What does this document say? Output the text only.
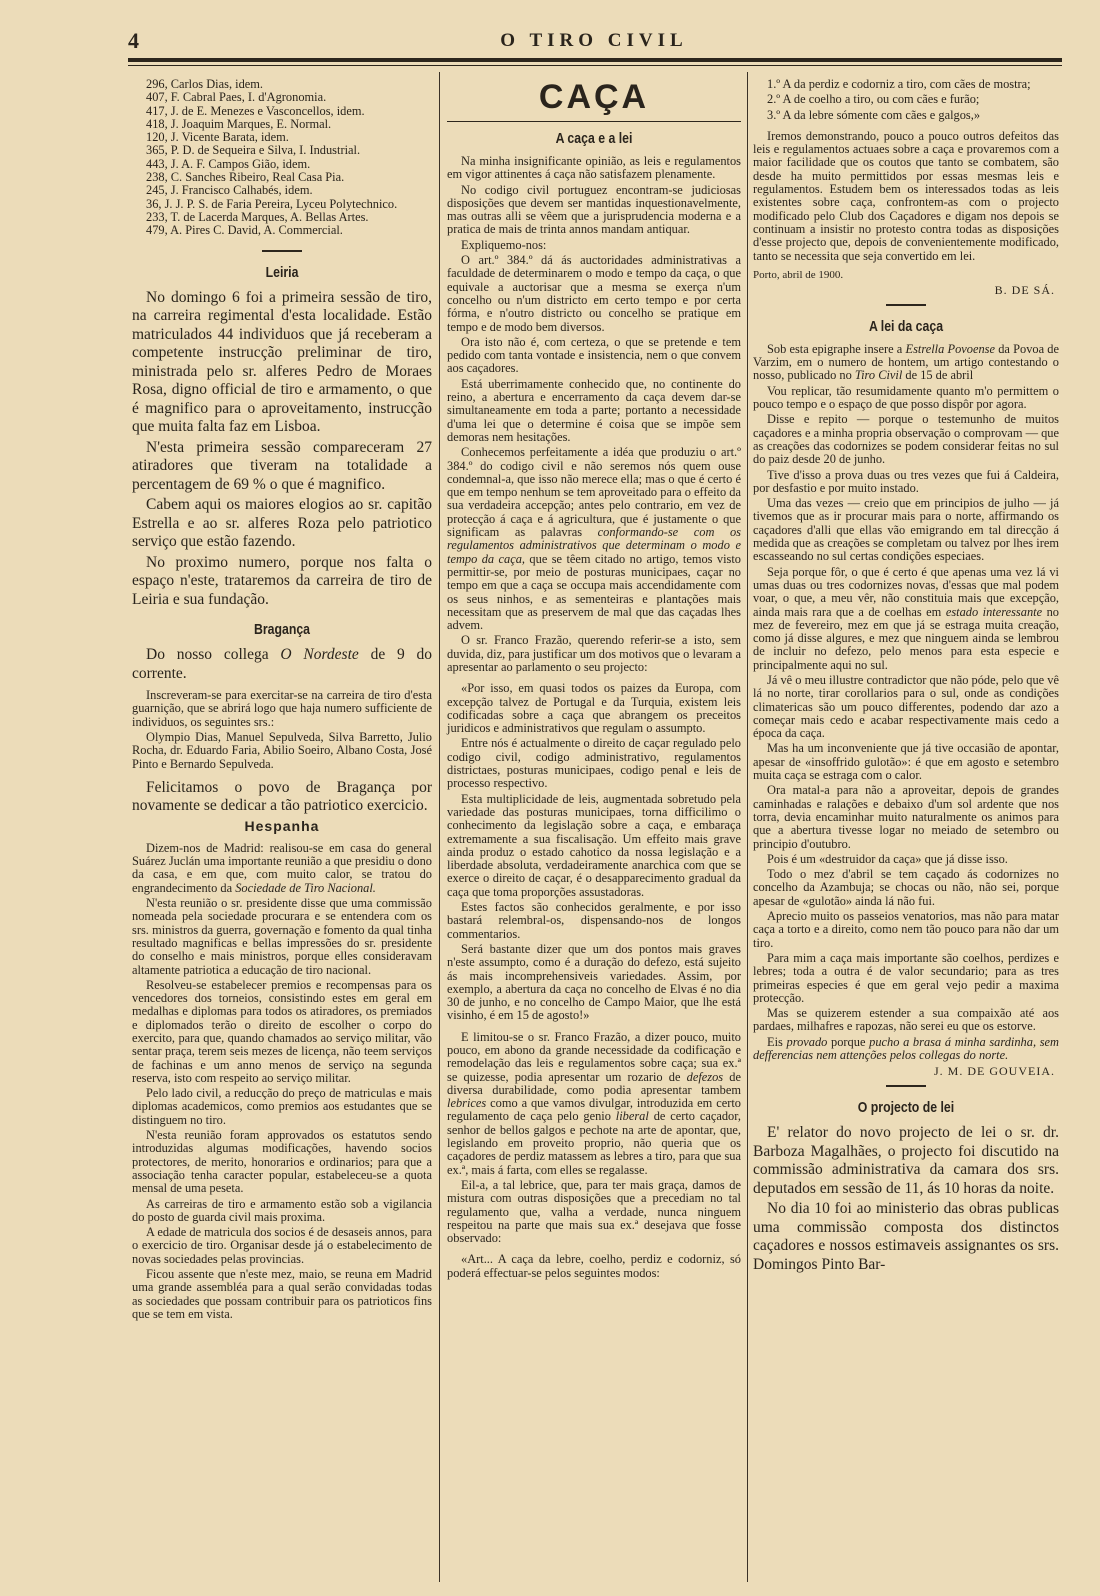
4	O TIRO CIVIL

296, Carlos Dias, idem.

407, F. Cabral Paes, I. d'Agronomia.

417, J. de E. Menezes e Vasconcellos, idem.

418, J. Joaquim Marques, E. Normal.

120, J. Vicente Barata, idem.

365, P. D. de Sequeira e Silva, I. Industrial.

443, J. A. F. Campos Gião, idem.

238, C. Sanches Ribeiro, Real Casa Pia.

245, J. Francisco Calhabés, idem.

36, J. J. P. S. de Faria Pereira, Lyceu Polytechnico.

233, T. de Lacerda Marques, A. Bellas Artes.

479, A. Pires C. David, A. Commercial.

Leiria

No domingo 6 foi a primeira sessão de tiro, na carreira regimental d'esta localidade. Estão matriculados 44 individuos que já receberam a competente instrucção preliminar de tiro, ministrada pelo sr. alferes Pedro de Moraes Rosa, digno official de tiro e armamento, o que é magnifico para o aproveitamento, instrucção que muita falta faz em Lisboa.

N'esta primeira sessão compareceram 27 atiradores que tiveram na totalidade a percentagem de 69 % o que é magnifico.

Cabem aqui os maiores elogios ao sr. capitão Estrella e ao sr. alferes Roza pelo patriotico serviço que estão fazendo.

No proximo numero, porque nos falta o espaço n'este, trataremos da carreira de tiro de Leiria e sua fundação.

Bragança

Do nosso collega O Nordeste de 9 do corrente.

Inscreveram-se para exercitar-se na carreira de tiro d'esta guarnição, que se abrirá logo que haja numero sufficiente de individuos, os seguintes srs.:

Olympio Dias, Manuel Sepulveda, Silva Barretto, Julio Rocha, dr. Eduardo Faria, Abilio Soeiro, Albano Costa, José Pinto e Bernardo Sepulveda.

Felicitamos o povo de Bragança por novamente se dedicar a tão patriotico exercicio.

Hespanha

Dizem-nos de Madrid: realisou-se em casa do general Suárez Juclán uma importante reunião a que presidiu o dono da casa, e em que, com muito calor, se tratou do engrandecimento da Sociedade de Tiro Nacional.

N'esta reunião o sr. presidente disse que uma commissão nomeada pela sociedade procurara e se entendera com os srs. ministros da guerra, governação e fomento da qual tinha resultado magnificas e bellas impressões do sr. presidente do conselho e mais ministros, porque elles consideravam altamente patriotica a educação de tiro nacional.

Resolveu-se estabelecer premios e recompensas para os vencedores dos torneios, consistindo estes em geral em medalhas e diplomas para todos os atiradores, os premiados e diplomados terão o direito de escolher o corpo do exercito, para que, quando chamados ao serviço militar, vão sentar praça, terem seis mezes de licença, não teem serviços de fachinas e um anno menos de serviço na segunda reserva, isto com respeito ao serviço militar.

Pelo lado civil, a reducção do preço de matriculas e mais diplomas academicos, como premios aos estudantes que se distinguem no tiro.

N'esta reunião foram approvados os estatutos sendo introduzidas algumas modificações, havendo socios protectores, de merito, honorarios e ordinarios; para que a associação tenha caracter popular, estabeleceu-se a quota mensal de uma peseta.

As carreiras de tiro e armamento estão sob a vigilancia do posto de guarda civil mais proxima.

A edade de matricula dos socios é de desaseis annos, para o exercicio de tiro. Organisar desde já o estabelecimento de novas sociedades pelas provincias.

Ficou assente que n'este mez, maio, se reuna em Madrid uma grande assembléa para a qual serão convidadas todas as sociedades que possam contribuir para os patrioticos fins que se tem em vista.

CAÇA
A caça e a lei

Na minha insignificante opinião, as leis e regulamentos em vigor attinentes á caça não satisfazem plenamente.

No codigo civil portuguez encontram-se judiciosas disposições que devem ser mantidas inquestionavelmente, mas outras alli se vêem que a jurisprudencia moderna e a pratica de mais de trinta annos mandam antiquar.

Expliquemo-nos:

O art.º 384.º dá ás auctoridades administrativas a faculdade de determinarem o modo e tempo da caça, o que equivale a auctorisar que a mesma se exerça n'um concelho ou n'um districto em certo tempo e por certa fórma, e n'outro districto ou concelho se pratique em tempo e de modo bem diversos.

Ora isto não é, com certeza, o que se pretende e tem pedido com tanta vontade e insistencia, nem o que convem aos caçadores.

Está uberrimamente conhecido que, no continente do reino, a abertura e encerramento da caça devem dar-se simultaneamente em toda a parte; portanto a necessidade d'uma lei que o determine é coisa que se impõe sem demoras nem hesitações.

Conhecemos perfeitamente a idéa que produziu o art.º 384.º do codigo civil e não seremos nós quem ouse condemnal-a, que isso não merece ella; mas o que é certo é que em tempo nenhum se tem aproveitado para o effeito da sua verdadeira accepção; antes pelo contrario, em vez de protecção á caça e á agricultura, que é justamente o que significam as palavras conformando-se com os regulamentos administrativos que determinam o modo e tempo da caça, que se têem citado no artigo, temos visto permittir-se, por meio de posturas municipaes, caçar no tempo em que a caça se occupa mais accendidamente com os seus ninhos, e as sementeiras e plantações mais necessitam que as preservem de mal que das caçadas lhes advem.

O sr. Franco Frazão, querendo referir-se a isto, sem duvida, diz, para justificar um dos motivos que o levaram a apresentar ao parlamento o seu projecto:

«Por isso, em quasi todos os paizes da Europa, com excepção talvez de Portugal e da Turquia, existem leis codificadas sobre a caça que abrangem os preceitos juridicos e administrativos que regulam o assumpto.

Entre nós é actualmente o direito de caçar regulado pelo codigo civil, codigo administrativo, regulamentos districtaes, posturas municipaes, codigo penal e leis de processo respectivo.

Esta multiplicidade de leis, augmentada sobretudo pela variedade das posturas municipaes, torna difficilimo o conhecimento da legislação sobre a caça, e embaraça extremamente a sua fiscalisação. Um effeito mais grave ainda produz o estado cahotico da nossa legislação e a liberdade absoluta, verdadeiramente anarchica com que se exerce o direito de caçar, é o desapparecimento gradual da caça que toma proporções assustadoras.

Estes factos são conhecidos geralmente, e por isso bastará relembral-os, dispensando-nos de longos commentarios.

Será bastante dizer que um dos pontos mais graves n'este assumpto, como é a duração do defezo, está sujeito ás mais incomprehensiveis variedades. Assim, por exemplo, a abertura da caça no concelho de Elvas é no dia 30 de junho, e no concelho de Campo Maior, que lhe está visinho, é em 15 de agosto!»

E limitou-se o sr. Franco Frazão, a dizer pouco, muito pouco, em abono da grande necessidade da codificação e remodelação das leis e regulamentos sobre caça; sua ex.ª se quizesse, podia apresentar um rozario de defezos de diversa durabilidade, como podia apresentar tambem lebrices como a que vamos divulgar, introduzida em certo regulamento de caça pelo genio liberal de certo caçador, senhor de bellos galgos e pechote na arte de apontar, que, legislando em proveito proprio, não queria que os caçadores de perdiz matassem as lebres a tiro, para que sua ex.ª, mais á farta, com elles se regalasse.

Eil-a, a tal lebrice, que, para ter mais graça, damos de mistura com outras disposições que a precediam no tal regulamento que, valha a verdade, nunca ninguem respeitou na parte que mais sua ex.ª desejava que fosse observado:

«Art... A caça da lebre, coelho, perdiz e codorniz, só poderá effectuar-se pelos seguintes modos:

1.º A da perdiz e codorniz a tiro, com cães de mostra;

2.º A de coelho a tiro, ou com cães e furão;

3.º A da lebre sómente com cães e galgos,»

Iremos demonstrando, pouco a pouco outros defeitos das leis e regulamentos actuaes sobre a caça e provaremos com a maior facilidade que os coutos que tanto se combatem, são desde ha muito permittidos por essas mesmas leis e regulamentos. Estudem bem os interessados todas as leis existentes sobre caça, confrontem-as com o projecto modificado pelo Club dos Caçadores e digam nos depois se continuam a insistir no protesto contra todas as disposições d'esse projecto que, depois de convenientemente modificado, tanto se necessita que seja convertido em lei.

Porto, abril de 1900.
B. DE SÁ.
A lei da caça

Sob esta epigraphe insere a Estrella Povoense da Povoa de Varzim, em o numero de hontem, um artigo contestando o nosso, publicado no Tiro Civil de 15 de abril

Vou replicar, tão resumidamente quanto m'o permittem o pouco tempo e o espaço de que posso dispôr por agora.

Disse e repito — porque o testemunho de muitos caçadores e a minha propria observação o comprovam — que as creações das codornizes se podem considerar feitas no sul do paiz desde 20 de junho.

Tive d'isso a prova duas ou tres vezes que fui á Caldeira, por desfastio e por muito instado.

Uma das vezes — creio que em principios de julho — já tivemos que as ir procurar mais para o norte, affirmando os caçadores d'alli que ellas vão emigrando em tal direcção á medida que as creações se completam ou talvez por lhes irem escasseando no sul certas condições especiaes.

Seja porque fôr, o que é certo é que apenas uma vez lá vi umas duas ou tres codornizes novas, d'essas que mal podem voar, o que, a meu vêr, não constituia mais que excepção, ainda mais rara que a de coelhas em estado interessante no mez de fevereiro, mez em que já se estraga muita creação, como já disse algures, e mez que ninguem ainda se lembrou de incluir no defezo, pelo menos para esta especie e principalmente aqui no sul.

Já vê o meu illustre contradictor que não póde, pelo que vê lá no norte, tirar corollarios para o sul, onde as condições climatericas são um pouco differentes, podendo dar azo a começar mais cedo e acabar respectivamente mais cedo a época da caça.

Mas ha um inconveniente que já tive occasião de apontar, apesar de «insoffrido gulotão»: é que em agosto e setembro muita caça se estraga com o calor.

Ora matal-a para não a aproveitar, depois de grandes caminhadas e ralações e debaixo d'um sol ardente que nos torra, devia encaminhar muito naturalmente os animos para que a abertura tivesse logar no meiado de setembro ou principio d'outubro.

Pois é um «destruidor da caça» que já disse isso.

Todo o mez d'abril se tem caçado ás codornizes no concelho da Azambuja; se chocas ou não, não sei, porque apesar de «gulotão» ainda lá não fui.

Aprecio muito os passeios venatorios, mas não para matar caça a torto e a direito, como nem tão pouco para não dar um tiro.

Para mim a caça mais importante são coelhos, perdizes e lebres; toda a outra é de valor secundario; para as tres primeiras especies é que em geral vejo pedir a maxima protecção.

Mas se quizerem estender a sua compaixão até aos pardaes, milhafres e rapozas, não serei eu que os estorve.

Eis provado porque pucho a brasa á minha sardinha, sem defferencias nem attenções pelos collegas do norte.

J. M. DE GOUVEIA.
O projecto de lei

E' relator do novo projecto de lei o sr. dr. Barboza Magalhães, o projecto foi discutido na commissão administrativa da camara dos srs. deputados em sessão de 11, ás 10 horas da noite.

No dia 10 foi ao ministerio das obras publicas uma commissão composta dos distinctos caçadores e nossos estimaveis assignantes os srs. Domingos Pinto Bar-
